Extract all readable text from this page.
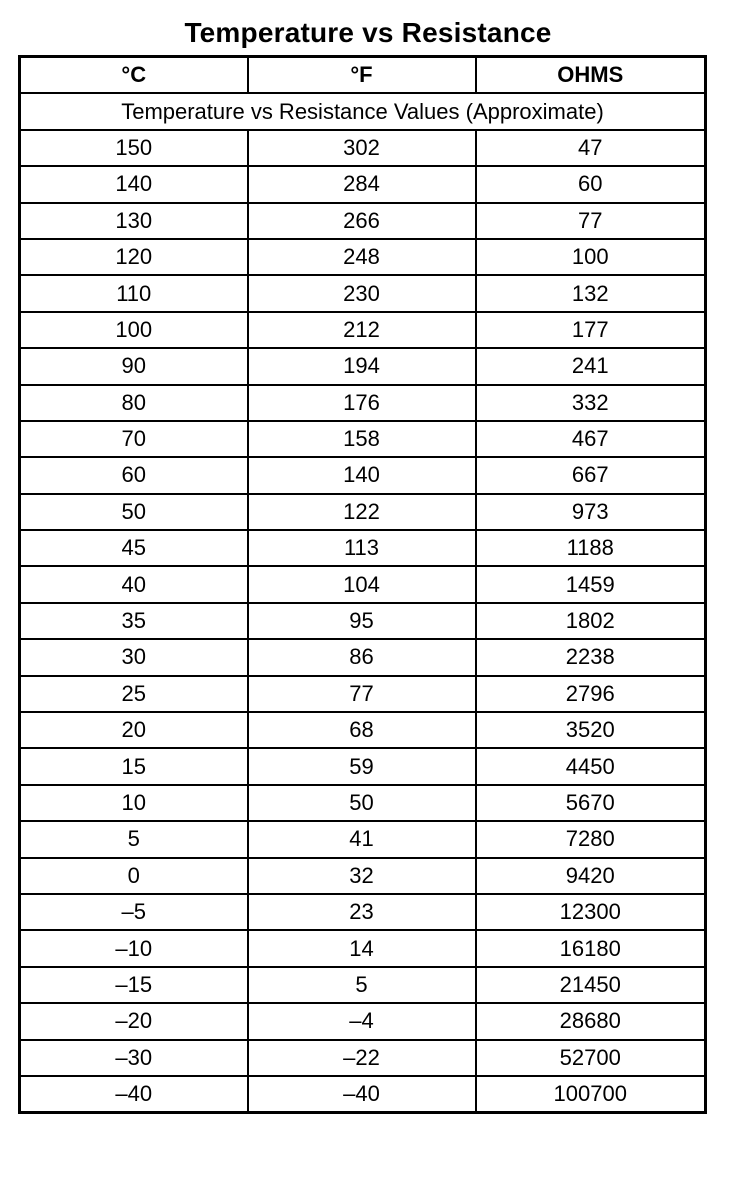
Temperature vs Resistance
°C	°F	OHMS
Temperature vs Resistance Values (Approximate)		
150	302	47
140	284	60
130	266	77
120	248	100
110	230	132
100	212	177
90	194	241
80	176	332
70	158	467
60	140	667
50	122	973
45	113	1188
40	104	1459
35	95	1802
30	86	2238
25	77	2796
20	68	3520
15	59	4450
10	50	5670
5	41	7280
0	32	9420
–5	23	12300
–10	14	16180
–15	5	21450
–20	–4	28680
–30	–22	52700
–40	–40	100700
